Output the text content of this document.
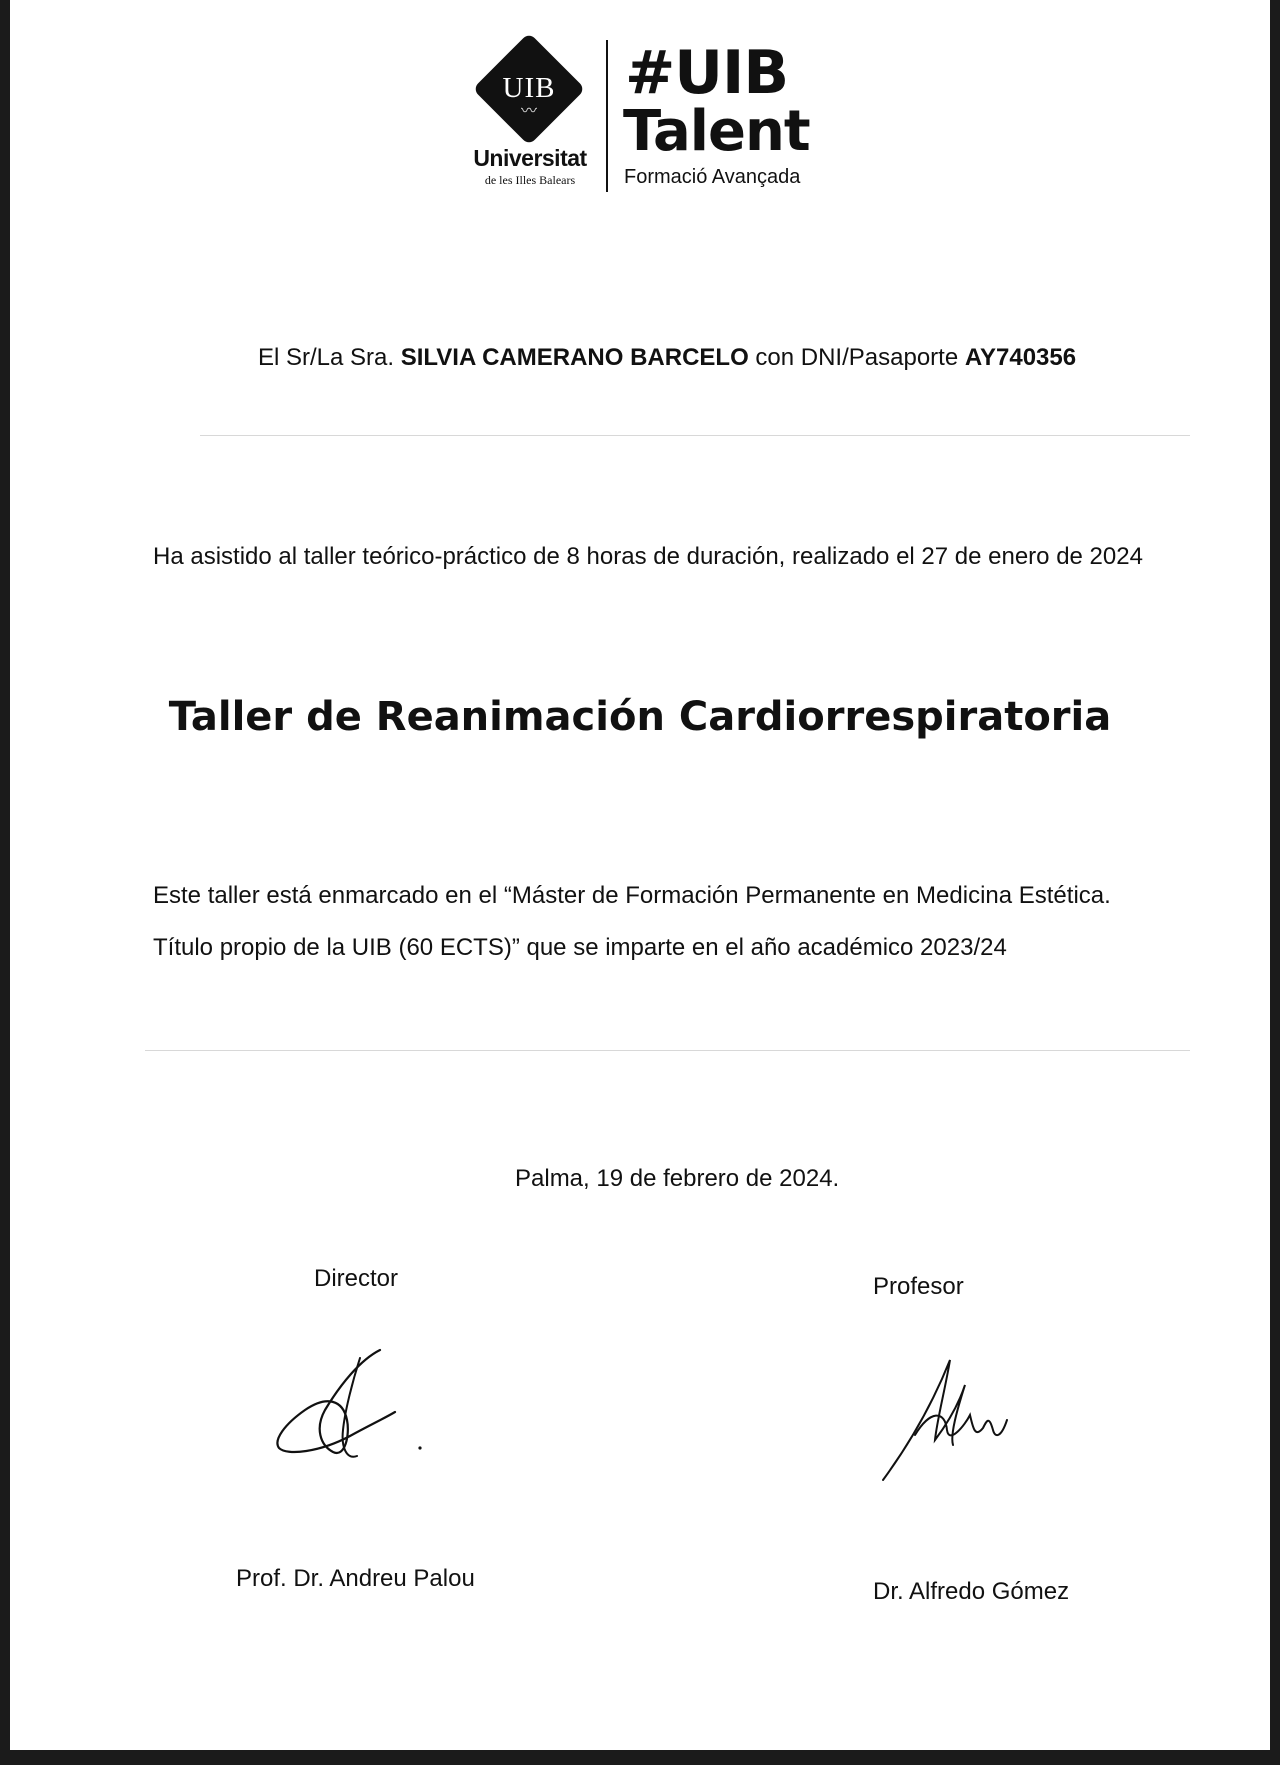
UIB
〰
Universitat
de les Illes Balears
#UIB
Talent
Formació Avançada
El Sr/La Sra. SILVIA CAMERANO BARCELO con DNI/Pasaporte AY740356
Ha asistido al taller teórico-práctico de 8 horas de duración, realizado el 27 de enero de 2024
Taller de Reanimación Cardiorrespiratoria
Este taller está enmarcado en el “Máster de Formación Permanente en Medicina Estética.
Título propio de la UIB (60 ECTS)” que se imparte en el año académico 2023/24
Palma, 19 de febrero de 2024.
Director	Profesor
Prof. Dr. Andreu Palou	Dr. Alfredo Gómez
